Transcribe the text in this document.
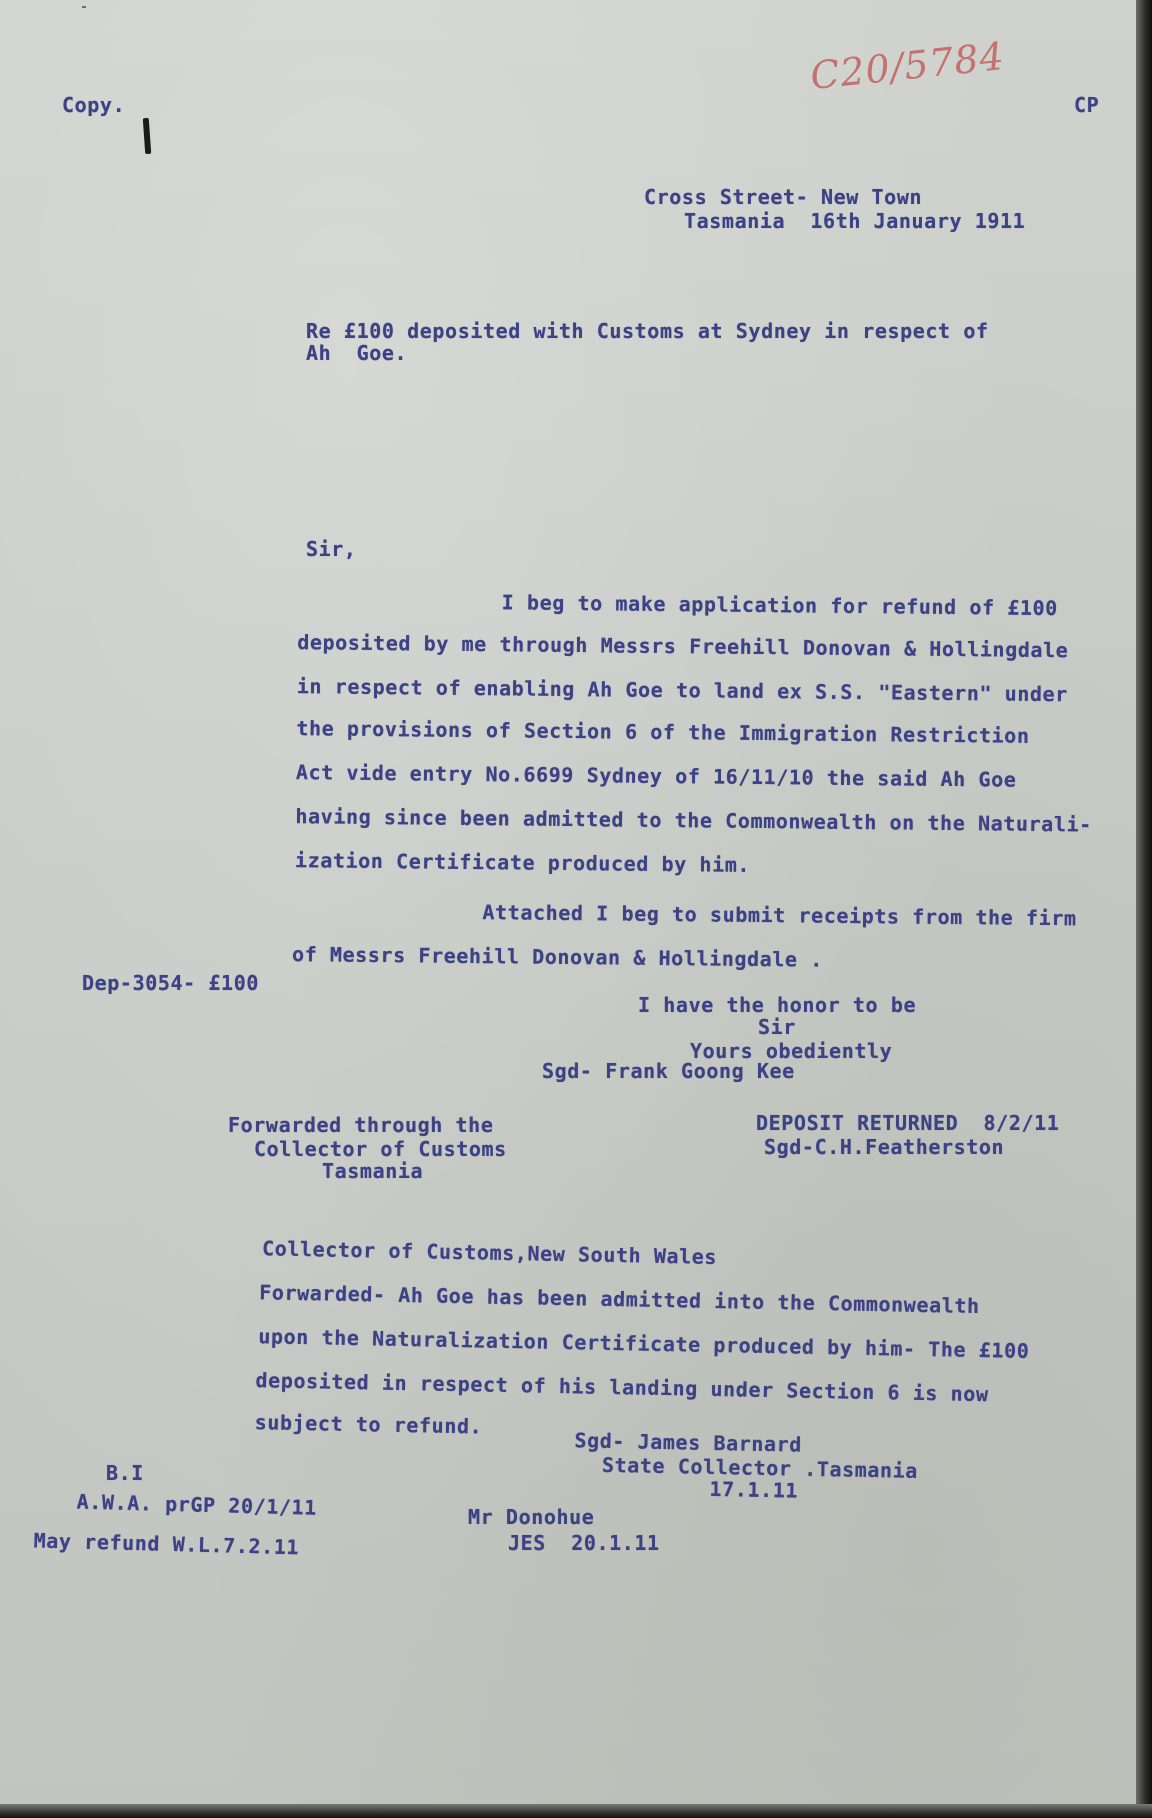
Copy.

C20/5784

CP

Cross Street- New Town

Tasmania  16th January 1911

Re £100 deposited with Customs at Sydney in respect of

Ah  Goe.

Sir,

I beg to make application for refund of £100

deposited by me through Messrs Freehill Donovan & Hollingdale

in respect of enabling Ah Goe to land ex S.S. "Eastern" under

the provisions of Section 6 of the Immigration Restriction

Act vide entry No.6699 Sydney of 16/11/10 the said Ah Goe

having since been admitted to the Commonwealth on the Naturali-

ization Certificate produced by him.

Attached I beg to submit receipts from the firm

of Messrs Freehill Donovan & Hollingdale .

Dep-3054- £100

I have the honor to be

Sir

Yours obediently

Sgd- Frank Goong Kee

Forwarded through the

Collector of Customs

Tasmania

DEPOSIT RETURNED  8/2/11

Sgd-C.H.Featherston

Collector of Customs,New South Wales

Forwarded- Ah Goe has been admitted into the Commonwealth

upon the Naturalization Certificate produced by him- The £100

deposited in respect of his landing under Section 6 is now

subject to refund.

Sgd- James Barnard

State Collector .Tasmania

17.1.11

B.I

A.W.A. prGP 20/1/11

May refund W.L.7.2.11

Mr Donohue

JES  20.1.11
